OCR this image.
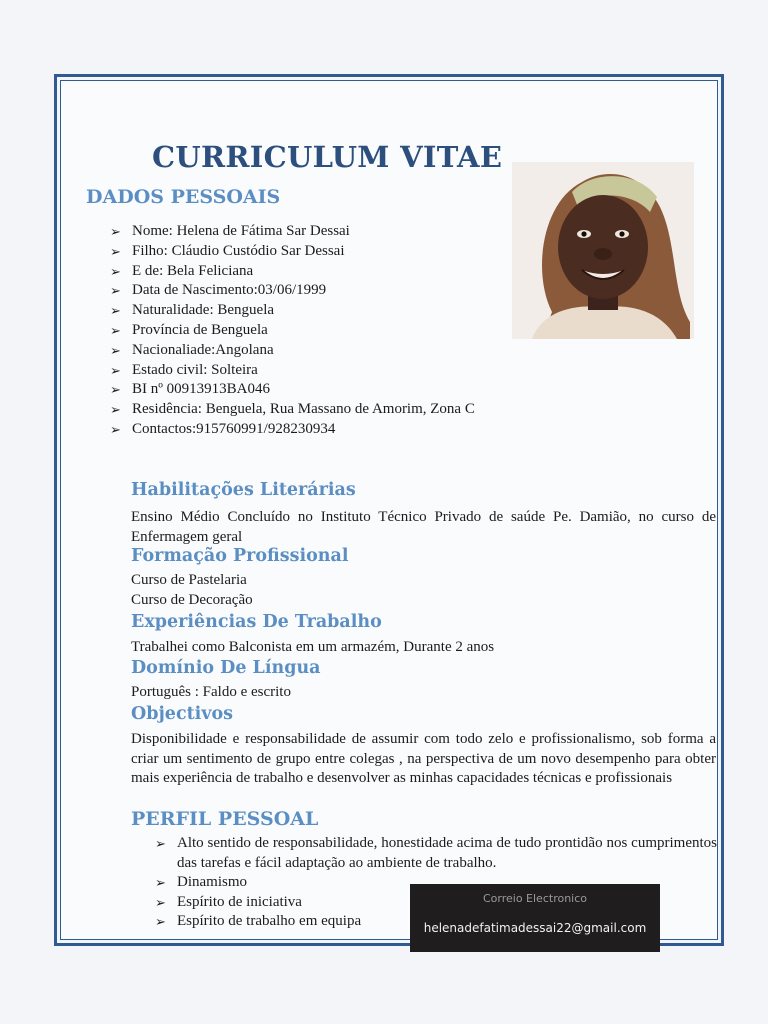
CURRICULUM VITAE
DADOS PESSOAIS
➢ Nome: Helena de Fátima Sar Dessai
➢ Filho: Cláudio Custódio Sar Dessai
➢ E de: Bela Feliciana
➢ Data de Nascimento:03/06/1999
➢ Naturalidade: Benguela
➢ Província de Benguela
➢ Nacionaliade:Angolana
➢ Estado civil: Solteira
➢ BI nº 00913913BA046
➢ Residência: Benguela, Rua Massano de Amorim, Zona C
➢ Contactos:915760991/928230934
Habilitações Literárias

Ensino Médio Concluído no Instituto Técnico Privado de saúde Pe. Damião, no curso de Enfermagem geral

Formação Profissional

Curso de Pastelaria

Curso de Decoração

Experiências De Trabalho

Trabalhei como Balconista em um armazém, Durante 2 anos

Domínio De Língua

Português : Faldo e escrito

Objectivos

Disponibilidade e responsabilidade de assumir com todo zelo e profissionalismo, sob forma a criar um sentimento de grupo entre colegas , na perspectiva de um novo desempenho para obter mais experiência de trabalho e desenvolver as minhas capacidades técnicas e profissionais

PERFIL PESSOAL
➢ Alto sentido de responsabilidade, honestidade acima de tudo prontidão nos cumprimentos das tarefas e fácil adaptação ao ambiente de trabalho.
➢ Dinamismo
➢ Espírito de iniciativa
➢ Espírito de trabalho em equipa
Correio Electronico
helenadefatimadessai22@gmail.com
